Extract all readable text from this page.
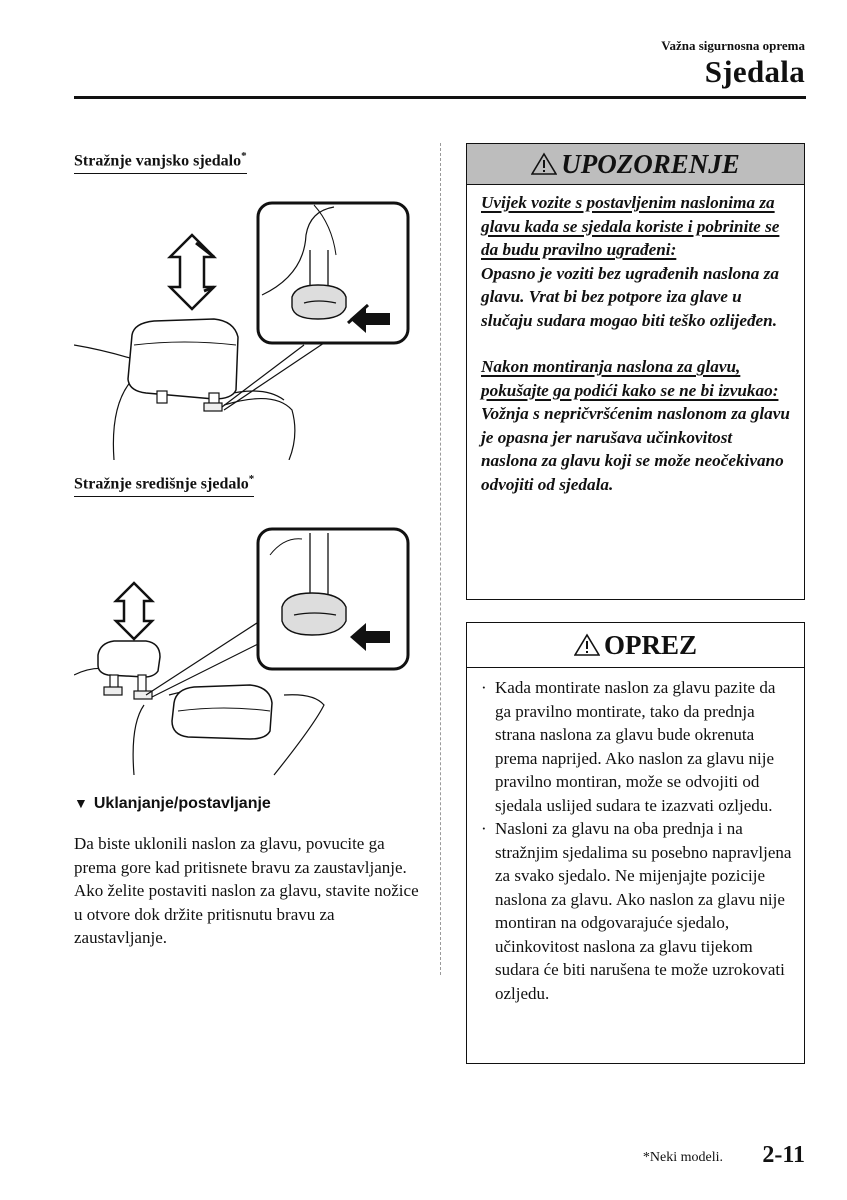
Važna sigurnosna oprema
Sjedala
Stražnje vanjsko sjedalo*
Stražnje središnje sjedalo*
▼ Uklanjanje/postavljanje

Da biste uklonili naslon za glavu, povucite ga prema gore kad pritisnete bravu za zaustavljanje.

Ako želite postaviti naslon za glavu, stavite nožice u otvore dok držite pritisnutu bravu za zaustavljanje.

UPOZORENJE

Uvijek vozite s postavljenim naslonima za glavu kada se sjedala koriste i pobrinite se da budu pravilno ugrađeni:

Opasno je voziti bez ugrađenih naslona za glavu. Vrat bi bez potpore iza glave u slučaju sudara mogao biti teško ozlijeđen.

Nakon montiranja naslona za glavu, pokušajte ga podići kako se ne bi izvukao:

Vožnja s nepričvršćenim naslonom za glavu je opasna jer narušava učinkovitost naslona za glavu koji se može neočekivano odvojiti od sjedala.

OPREZ
· Kada montirate naslon za glavu pazite da ga pravilno montirate, tako da prednja strana naslona za glavu bude okrenuta prema naprijed. Ako naslon za glavu nije pravilno montiran, može se odvojiti od sjedala uslijed sudara te izazvati ozljedu.
· Nasloni za glavu na oba prednja i na stražnjim sjedalima su posebno napravljena za svako sjedalo. Ne mijenjajte pozicije naslona za glavu. Ako naslon za glavu nije montiran na odgovarajuće sjedalo, učinkovitost naslona za glavu tijekom sudara će biti narušena te može uzrokovati ozljedu.
*Neki modeli. 2-11
